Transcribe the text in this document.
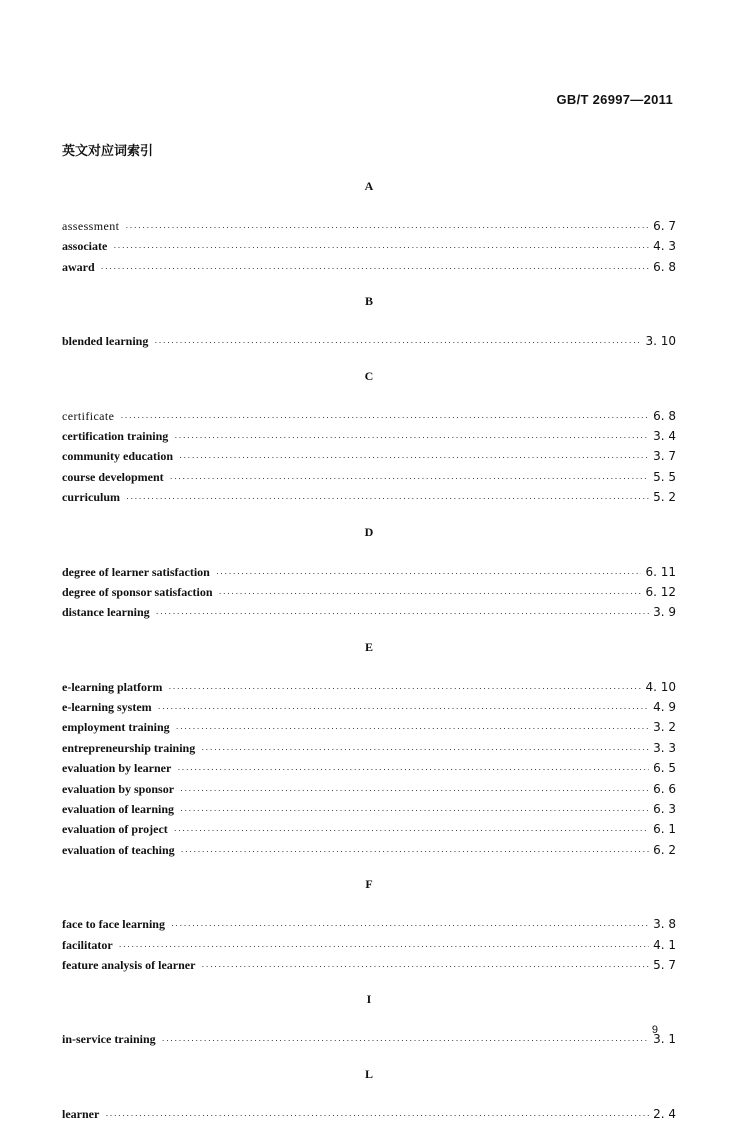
GB/T 26997—2011
英文对应词索引
A
assessment ·····	6. 7
associate ·····	4. 3
award ·····	6. 8
B
blended learning ·····	3. 10
C
certificate ·····	6. 8
certification training ·····	3. 4
community education ·····	3. 7
course development ·····	5. 5
curriculum ·····	5. 2
D
degree of learner satisfaction ·····	6. 11
degree of sponsor satisfaction ·····	6. 12
distance learning ·····	3. 9
E
e-learning platform ·····	4. 10
e-learning system ·····	4. 9
employment training ·····	3. 2
entrepreneurship training ·····	3. 3
evaluation by learner ·····	6. 5
evaluation by sponsor ·····	6. 6
evaluation of learning ·····	6. 3
evaluation of project ·····	6. 1
evaluation of teaching ·····	6. 2
F
face to face learning ·····	3. 8
facilitator ·····	4. 1
feature analysis of learner ·····	5. 7
I
in-service training ·····	3. 1
L
learner ·····	2. 4
9
